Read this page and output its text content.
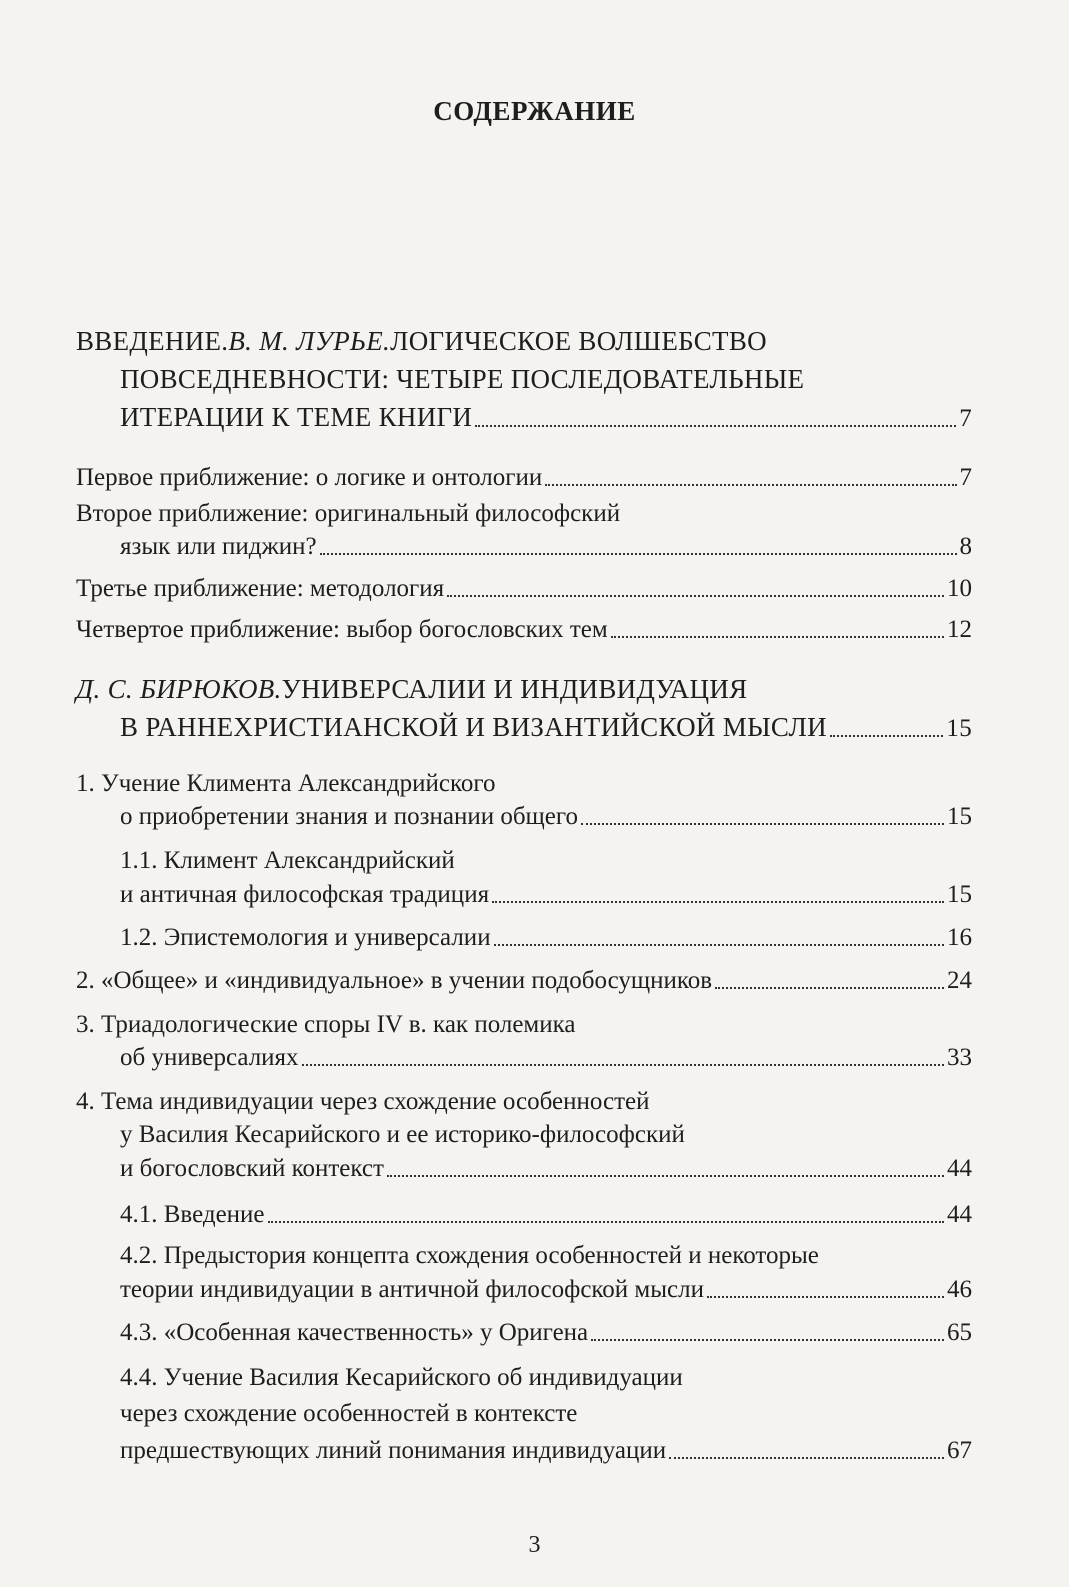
СОДЕРЖАНИЕ
ВВЕДЕНИЕ. В. М. ЛУРЬЕ. ЛОГИЧЕСКОЕ ВОЛШЕБСТВО
ПОВСЕДНЕВНОСТИ: ЧЕТЫРЕ ПОСЛЕДОВАТЕЛЬНЫЕ
ИТЕРАЦИИ К ТЕМЕ КНИГИ	7
Первое приближение: о логике и онтологии	7
Второе приближение: оригинальный философский
язык или пиджин?	8
Третье приближение: методология	10
Четвертое приближение: выбор богословских тем	12
Д. С. БИРЮКОВ. УНИВЕРСАЛИИ И ИНДИВИДУАЦИЯ
В РАННЕХРИСТИАНСКОЙ И ВИЗАНТИЙСКОЙ МЫСЛИ	15
1. Учение Климента Александрийского
о приобретении знания и познании общего	15
1.1. Климент Александрийский
и античная философская традиция	15
1.2. Эпистемология и универсалии	16
2. «Общее» и «индивидуальное» в учении подобосущников	24
3. Триадологические споры IV в. как полемика
об универсалиях	33
4. Тема индивидуации через схождение особенностей
у Василия Кесарийского и ее историко-философский
и богословский контекст	44
4.1. Введение	44
4.2. Предыстория концепта схождения особенностей и некоторые
теории индивидуации в античной философской мысли	46
4.3. «Особенная качественность» у Оригена	65
4.4. Учение Василия Кесарийского об индивидуации
через схождение особенностей в контексте
предшествующих линий понимания индивидуации	67
3
